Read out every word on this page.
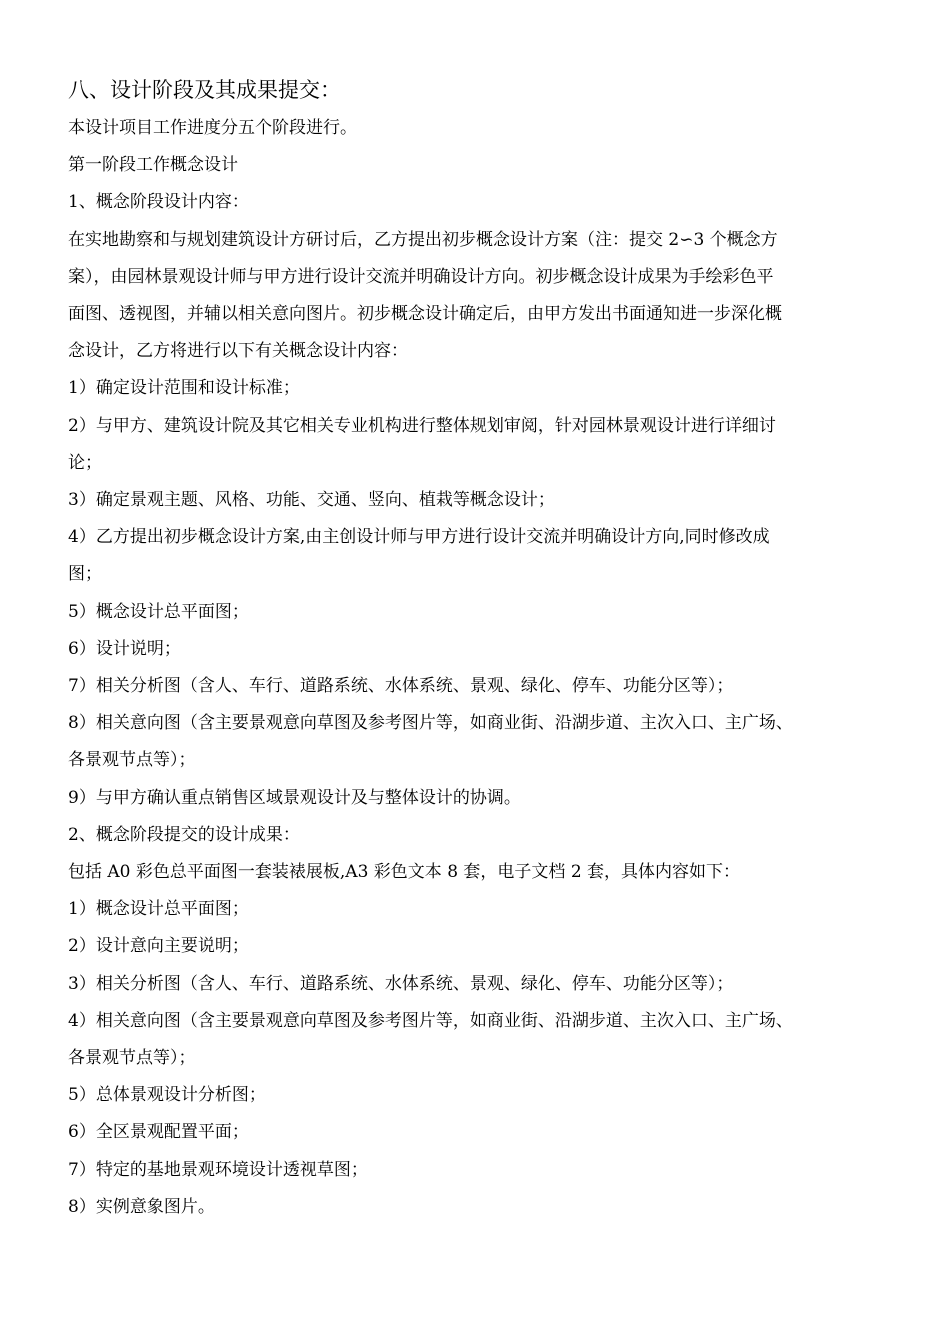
八、设计阶段及其成果提交：
本设计项目工作进度分五个阶段进行。
第一阶段工作概念设计
1、概念阶段设计内容：
在实地勘察和与规划建筑设计方研讨后，乙方提出初步概念设计方案（注：提交 2∽3 个概念方
案），由园林景观设计师与甲方进行设计交流并明确设计方向。初步概念设计成果为手绘彩色平
面图、透视图，并辅以相关意向图片。初步概念设计确定后，由甲方发出书面通知进一步深化概
念设计，乙方将进行以下有关概念设计内容：
1）确定设计范围和设计标准；
2）与甲方、建筑设计院及其它相关专业机构进行整体规划审阅，针对园林景观设计进行详细讨
论；
3）确定景观主题、风格、功能、交通、竖向、植栽等概念设计；
4）乙方提出初步概念设计方案,由主创设计师与甲方进行设计交流并明确设计方向,同时修改成
图；
5）概念设计总平面图；
6）设计说明；
7）相关分析图（含人、车行、道路系统、水体系统、景观、绿化、停车、功能分区等）；
8）相关意向图（含主要景观意向草图及参考图片等，如商业街、沿湖步道、主次入口、主广场、
各景观节点等）；
9）与甲方确认重点销售区域景观设计及与整体设计的协调。
2、概念阶段提交的设计成果：
包括 A0 彩色总平面图一套装裱展板,A3 彩色文本 8 套，电子文档 2 套，具体内容如下：
1）概念设计总平面图；
2）设计意向主要说明；
3）相关分析图（含人、车行、道路系统、水体系统、景观、绿化、停车、功能分区等）；
4）相关意向图（含主要景观意向草图及参考图片等，如商业街、沿湖步道、主次入口、主广场、
各景观节点等）；
5）总体景观设计分析图；
6）全区景观配置平面；
7）特定的基地景观环境设计透视草图；
8）实例意象图片。
